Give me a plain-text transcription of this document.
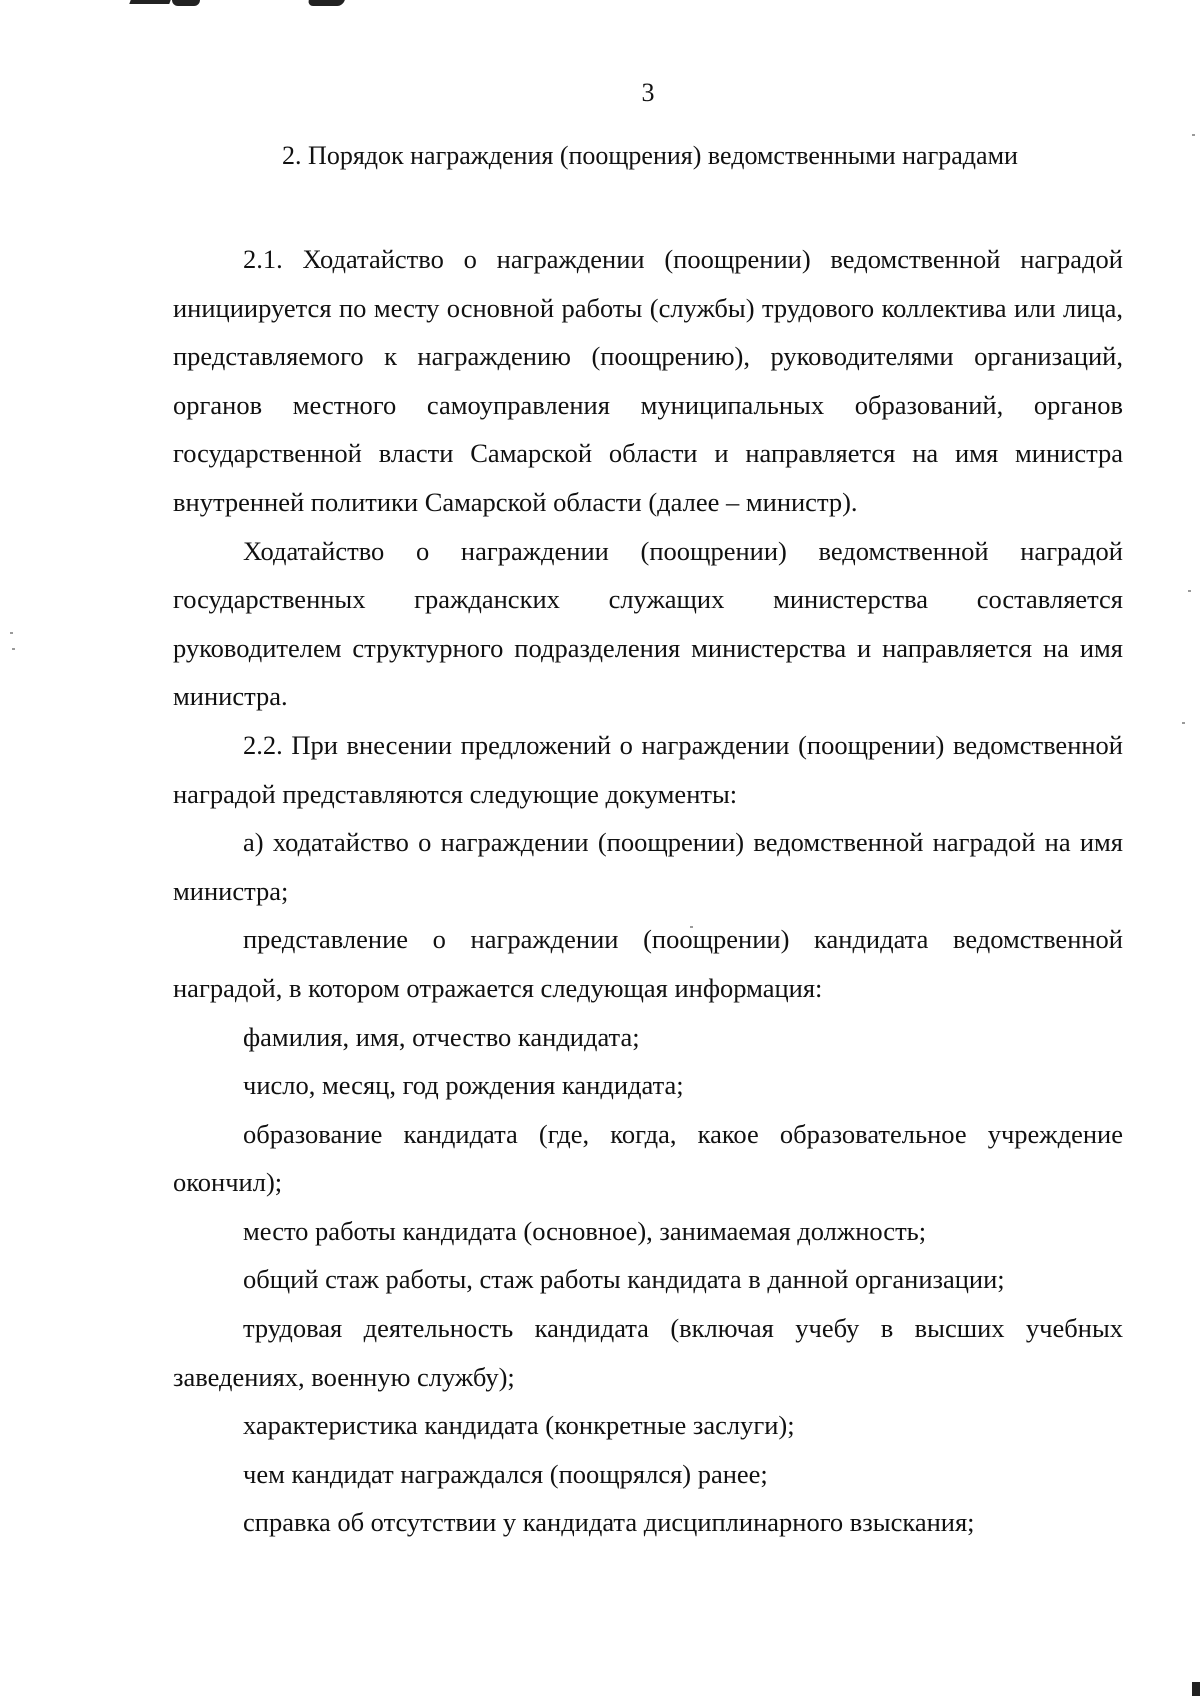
3
2. Порядок награждения (поощрения) ведомственными наградами

2.1. Ходатайство о награждении (поощрении) ведомственной наградой инициируется по месту основной работы (службы) трудового коллектива или лица, представляемого к награждению (поощрению), руководителями организаций, органов местного самоуправления муниципальных образований, органов государственной власти Самарской области и направляется на имя министра внутренней политики Самарской области (далее – министр).

Ходатайство о награждении (поощрении) ведомственной наградой государственных гражданских служащих министерства составляется руководителем структурного подразделения министерства и направляется на имя министра.

2.2. При внесении предложений о награждении (поощрении) ведомственной наградой представляются следующие документы:

а) ходатайство о награждении (поощрении) ведомственной наградой на имя министра;

представление о награждении (поощрении) кандидата ведомственной наградой, в котором отражается следующая информация:

фамилия, имя, отчество кандидата;

число, месяц, год рождения кандидата;

образование кандидата (где, когда, какое образовательное учреждение окончил);

место работы кандидата (основное), занимаемая должность;

общий стаж работы, стаж работы кандидата в данной организации;

трудовая деятельность кандидата (включая учебу в высших учебных заведениях, военную службу);

характеристика кандидата (конкретные заслуги);

чем кандидат награждался (поощрялся) ранее;

справка об отсутствии у кандидата дисциплинарного взыскания;
